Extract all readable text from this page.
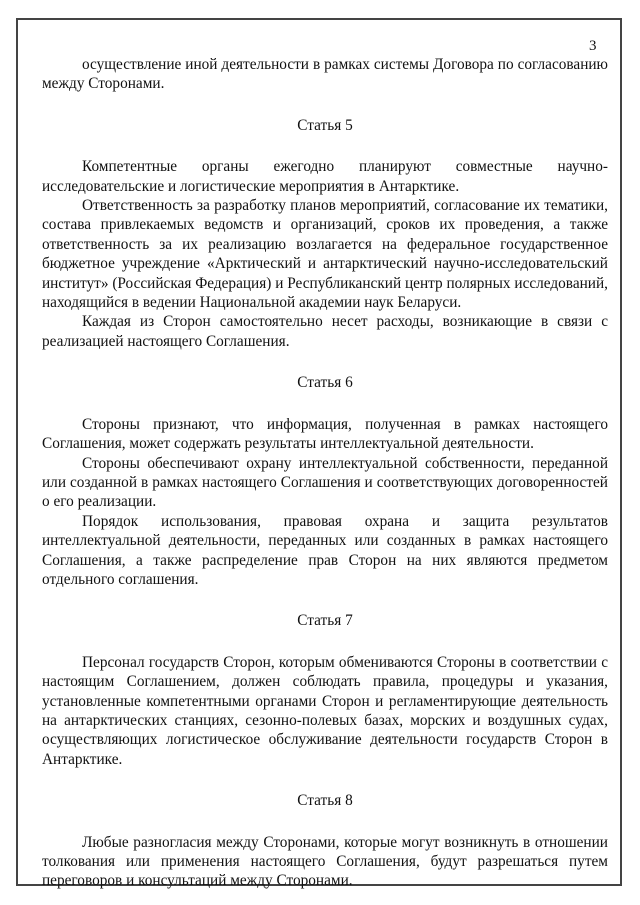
3

осуществление иной деятельности в рамках системы Договора по согласованию между Сторонами.

Статья 5

Компетентные органы ежегодно планируют совместные научно-исследовательские и логистические мероприятия в Антарктике.

Ответственность за разработку планов мероприятий, согласование их тематики, состава привлекаемых ведомств и организаций, сроков их проведения, а также ответственность за их реализацию возлагается на федеральное государственное бюджетное учреждение «Арктический и антарктический научно-исследовательский институт» (Российская Федерация) и Республиканский центр полярных исследований, находящийся в ведении Национальной академии наук Беларуси.

Каждая из Сторон самостоятельно несет расходы, возникающие в связи с реализацией настоящего Соглашения.

Статья 6

Стороны признают, что информация, полученная в рамках настоящего Соглашения, может содержать результаты интеллектуальной деятельности.

Стороны обеспечивают охрану интеллектуальной собственности, переданной или созданной в рамках настоящего Соглашения и соответствующих договоренностей о его реализации.

Порядок использования, правовая охрана и защита результатов интеллектуальной деятельности, переданных или созданных в рамках настоящего Соглашения, а также распределение прав Сторон на них являются предметом отдельного соглашения.

Статья 7

Персонал государств Сторон, которым обмениваются Стороны в соответствии с настоящим Соглашением, должен соблюдать правила, процедуры и указания, установленные компетентными органами Сторон и регламентирующие деятельность на антарктических станциях, сезонно-полевых базах, морских и воздушных судах, осуществляющих логистическое обслуживание деятельности государств Сторон в Антарктике.

Статья 8

Любые разногласия между Сторонами, которые могут возникнуть в отношении толкования или применения настоящего Соглашения, будут разрешаться путем переговоров и консультаций между Сторонами.
